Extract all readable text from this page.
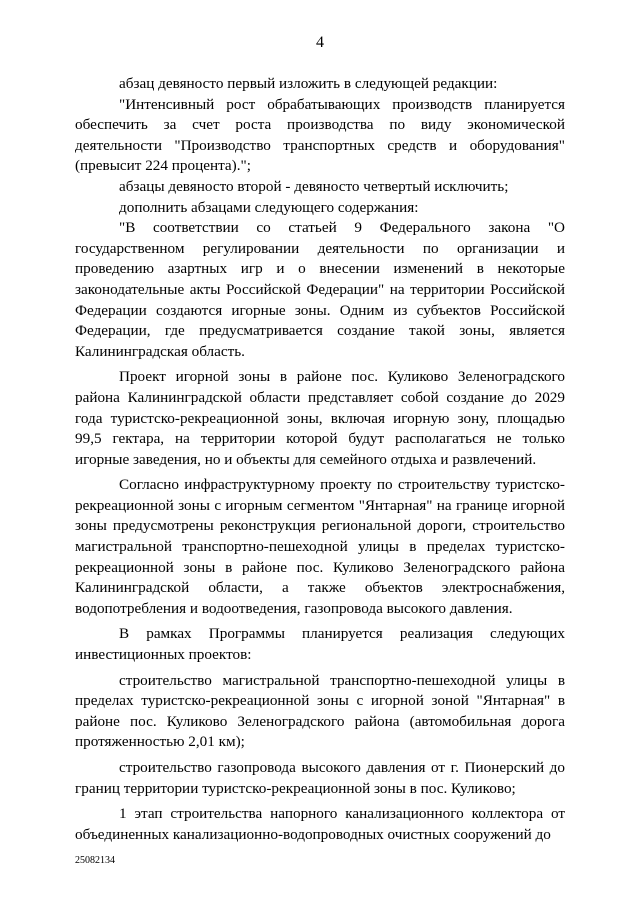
4

абзац девяносто первый изложить в следующей редакции:

"Интенсивный рост обрабатывающих производств планируется обеспечить за счет роста производства по виду экономической деятельности "Производство транспортных средств и оборудования" (превысит 224 процента).";

абзацы девяносто второй - девяносто четвертый исключить;

дополнить абзацами следующего содержания:

"В соответствии со статьей 9 Федерального закона "О государственном регулировании деятельности по организации и проведению азартных игр и о внесении изменений в некоторые законодательные акты Российской Федерации" на территории Российской Федерации создаются игорные зоны. Одним из субъектов Российской Федерации, где предусматривается создание такой зоны, является Калининградская область.

Проект игорной зоны в районе пос. Куликово Зеленоградского района Калининградской области представляет собой создание до 2029 года туристско-рекреационной зоны, включая игорную зону, площадью 99,5 гектара, на территории которой будут располагаться не только игорные заведения, но и объекты для семейного отдыха и развлечений.

Согласно инфраструктурному проекту по строительству туристско-рекреационной зоны с игорным сегментом "Янтарная" на границе игорной зоны предусмотрены реконструкция региональной дороги, строительство магистральной транспортно-пешеходной улицы в пределах туристско-рекреационной зоны в районе пос. Куликово Зеленоградского района Калининградской области, а также объектов электроснабжения, водопотребления и водоотведения, газопровода высокого давления.

В рамках Программы планируется реализация следующих инвестиционных проектов:

строительство магистральной транспортно-пешеходной улицы в пределах туристско-рекреационной зоны с игорной зоной "Янтарная" в районе пос. Куликово Зеленоградского района (автомобильная дорога протяженностью 2,01 км);

строительство газопровода высокого давления от г. Пионерский до границ территории туристско-рекреационной зоны в пос. Куликово;

1 этап строительства напорного канализационного коллектора от объединенных канализационно-водопроводных очистных сооружений до

25082134
